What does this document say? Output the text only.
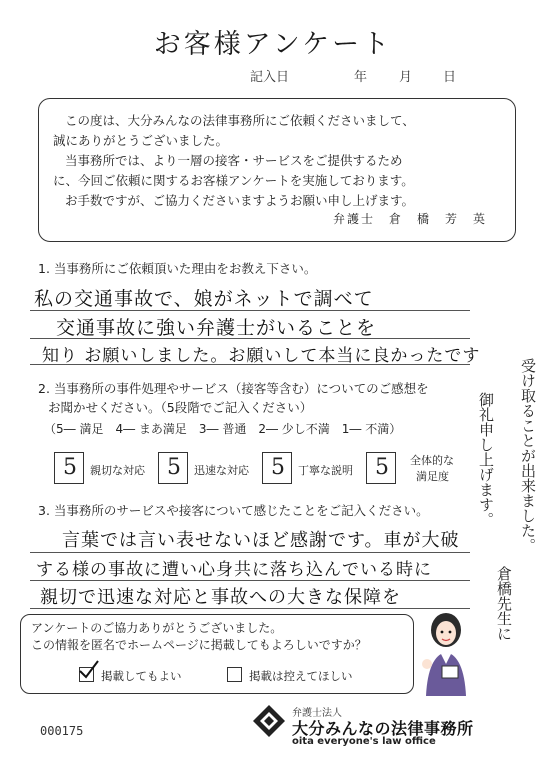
お客様アンケート
記入日	年 月 日

この度は、大分みんなの法律事務所にご依頼くださいまして、

誠にありがとうございました。

当事務所では、より一層の接客・サービスをご提供するため

に、今回ご依頼に関するお客様アンケートを実施しております。

お手数ですが、ご協力くださいますようお願い申し上げます。

弁護士　倉　橋　芳　英
1. 当事務所にご依頼頂いた理由をお教え下さい。
私の交通事故で、娘がネットで調べて
交通事故に強い弁護士がいることを
知り お願いしました。お願いして本当に良かったです
2. 当事務所の事件処理やサービス（接客等含む）についてのご感想を
お聞かせください。（5段階でご記入ください）
（5― 満足　4― まあ満足　3― 普通　2― 少し不満　1― 不満）
5	親切な対応	5	迅速な対応	5	丁寧な説明	5	全体的な
満足度
3. 当事務所のサービスや接客について感じたことをご記入ください。
言葉では言い表せないほど感謝です。車が大破
する様の事故に遭い心身共に落ち込んでいる時に
親切で迅速な対応と事故への大きな保障を
受け取ることが出来ました。
倉橋先生に
御礼申し上げます。
アンケートのご協力ありがとうございました。
この情報を匿名でホームページに掲載してもよろしいですか？
掲載してもよい	掲載は控えてほしい
000175
弁護士法人
大分みんなの法律事務所
oita everyone's law office
